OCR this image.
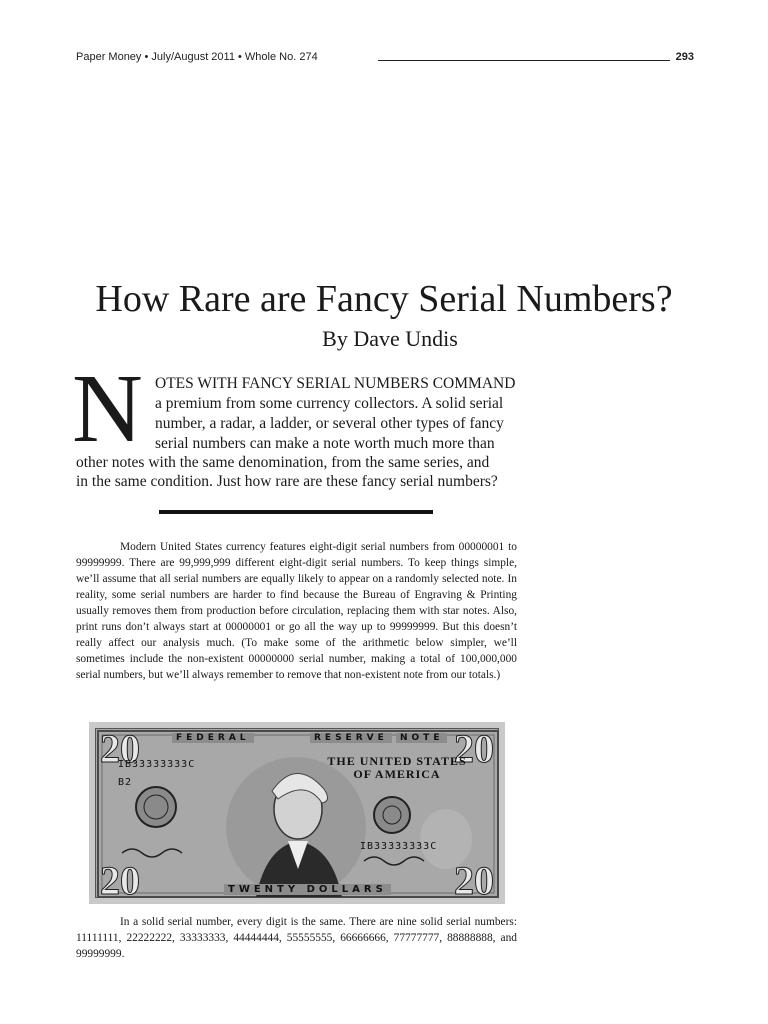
Paper Money • July/August 2011 • Whole No. 274	293
How Rare are Fancy Serial Numbers?

By Dave Undis

N OTES WITH FANCY SERIAL NUMBERS COMMAND

a premium from some currency collectors. A solid serial

number, a radar, a ladder, or several other types of fancy

serial numbers can make a note worth much more than

other notes with the same denomination, from the same series, and

in the same condition. Just how rare are these fancy serial numbers?

Modern United States currency features eight-digit serial numbers from 00000001 to 99999999. There are 99,999,999 different eight-digit serial numbers. To keep things simple, we’ll assume that all serial numbers are equally likely to appear on a randomly selected note. In reality, some serial numbers are harder to find because the Bureau of Engraving & Printing usually removes them from production before circulation, replacing them with star notes. Also, print runs don’t always start at 00000001 or go all the way up to 99999999. But this doesn’t really affect our analysis much. (To make some of the arithmetic below simpler, we’ll sometimes include the non-existent 00000000 serial number, making a total of 100,000,000 serial numbers, but we’ll always remember to remove that non-existent note from our totals.)

20	20
20	20
FEDERAL	RESERVE	NOTE
IB33333333C
B2
IB33333333C
THE UNITED STATES OF AMERICA
TWENTY DOLLARS

In a solid serial number, every digit is the same. There are nine solid serial numbers: 11111111, 22222222, 33333333, 44444444, 55555555, 66666666, 77777777, 88888888, and 99999999.
